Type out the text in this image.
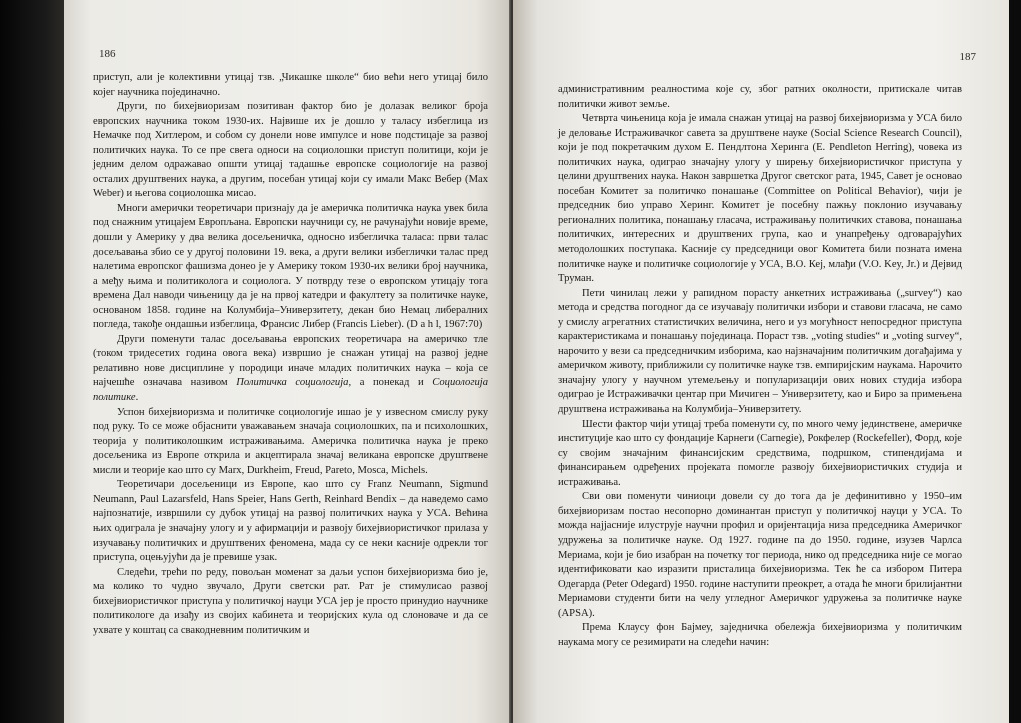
186

приступ, али је колективни утицај тзв. „Чикашке школе“ био већи него утицај било којег научника појединачно.

Други, по бихејвиоризам позитиван фактор био је долазак великог броја европских научника током 1930-их. Највише их је дошло у таласу избеглица из Немачке под Хитлером, и собом су донели нове импулсе и нове подстицаје за развој политичких наука. То се пре свега односи на социолошки приступ политици, који је једним делом одражавао општи утицај тадашње европске социологије на развој осталих друштвених наука, а другим, посебан утицај који су имали Макс Вебер (Max Weber) и његова социолошка мисао.

Многи амерички теоретичари признају да је америчка политичка наука увек била под снажним утицајем Европљана. Европски научници су, не рачунајући новије време, дошли у Америку у два велика досељеничка, односно избегличка таласа: први талас досељавања збио се у другој половини 19. века, а други велики избеглички талас пред налетима европског фашизма донео је у Америку током 1930-их велики број научника, а међу њима и политиколога и социолога. У потврду тезе о европском утицају тога времена Дал наводи чињеницу да је на првој катедри и факултету за политичке науке, основаном 1858. године на Колумбија–Универзитету, декан био Немац либералних погледа, такође ондашњи избеглица, Франсис Либер (Francis Lieber). (D a h l, 1967:70)

Други поменути талас досељавања европских теоретичара на америчко тле (током тридесетих година овога века) извршио је снажан утицај на развој једне релативно нове дисциплине у породици иначе младих политичких наука – која се најчешће означава називом Политичка социологија, а понекад и Социологија политике.

Успон бихејвиоризма и политичке социологије ишао је у извесном смислу руку под руку. То се може објаснити уважавањем значаја социолошких, па и психолошких, теорија у политиколошким истраживањима. Америчка политичка наука је преко досељеника из Европе открила и акцептирала значај великана европске друштвене мисли и теорије као што су Marx, Durkheim, Freud, Pareto, Mosca, Michels.

Теоретичари досељеници из Европе, као што су Franz Neumann, Sigmund Neumann, Paul Lazarsfeld, Hans Speier, Hans Gerth, Reinhard Bendix – да наведемо само најпознатије, извршили су дубок утицај на развој политичких наука у УСА. Већина њих одиграла је значајну улогу и у афирмацији и развоју бихејвиористичког прилаза у изучавању политичких и друштвених феномена, мада су се неки касније одрекли тог приступа, оцењујући да је превише узак.

Следећи, трећи по реду, повољан моменат за даљи успон бихејвиоризма био је, ма колико то чудно звучало, Други светски рат. Рат је стимулисао развој бихејвиористичког приступа у политичкој науци УСА јер је просто принудио научнике политикологе да изађу из својих кабинета и теоријских кула од слоноваче и да се ухвате у коштац са свакодневним политичким и

187

административним реалностима које су, због ратних околности, притискале читав политички живот земље.

Четврта чињеница која је имала снажан утицај на развој бихејвиоризма у УСА било је деловање Истраживачког савета за друштвене науке (Social Science Research Council), који је под покретачким духом Е. Пендлтона Херинга (E. Pendleton Herring), човека из политичких наука, одиграо значајну улогу у ширењу бихејвиористичког приступа у целини друштвених наука. Након завршетка Другог светског рата, 1945, Савет је основао посебан Комитет за политичко понашање (Committee on Political Behavior), чији је председник био управо Херинг. Комитет је посебну пажњу поклонио изучавању регионалних политика, понашању гласача, истраживању политичких ставова, понашања политичких, интересних и друштвених група, као и унапређењу одговарајућих методолошких поступака. Касније су председници овог Комитета били позната имена политичке науке и политичке социологије у УСА, В.О. Кеј, млађи (V.O. Key, Jr.) и Дејвид Труман.

Пети чинилац лежи у рапидном порасту анкетних истраживања („survey“) као метода и средства погодног да се изучавају политички избори и ставови гласача, не само у смислу агрегатних статистичких величина, него и уз могућност непосредног приступа карактеристикама и понашању појединаца. Пораст тзв. „voting studies“ и „voting survey“, нарочито у вези са председничким изборима, као најзначајним политичким догађајима у америчком животу, приближили су политичке науке тзв. емпиријским наукама. Нарочито значајну улогу у научном утемељењу и популаризацији ових нових студија избора одиграо је Истраживачки центар при Мичиген – Универзитету, као и Биро за примењена друштвена истраживања на Колумбија–Универзитету.

Шести фактор чији утицај треба поменути су, по много чему јединствене, америчке институције као што су фондације Карнеги (Carnegie), Рокфелер (Rockefeller), Форд, које су својим значајним финансијским средствима, подршком, стипендијама и финансирањем одређених пројеката помогле развоју бихејвиористичких студија и истраживања.

Сви ови поменути чиниоци довели су до тога да је дефинитивно у 1950–им бихејвиоризам постао несопорно доминантан приступ у политичкој науци у УСА. То можда најјасније илуструје научни профил и оријентација низа председника Америчког удружења за политичке науке. Од 1927. године па до 1950. године, изузев Чарлса Мериама, који је био изабран на почетку тог периода, нико од председника није се могао идентификовати као изразити присталица бихејвиоризма. Тек ће са избором Питера Одегарда (Peter Odegard) 1950. године наступити преокрет, а отада ће многи брилијантни Мериамови студенти бити на челу угледног Америчког удружења за политичке науке (APSA).

Према Клаусу фон Бајмеу, заједничка обележја бихејвиоризма у политичким наукама могу се резимирати на следећи начин:
